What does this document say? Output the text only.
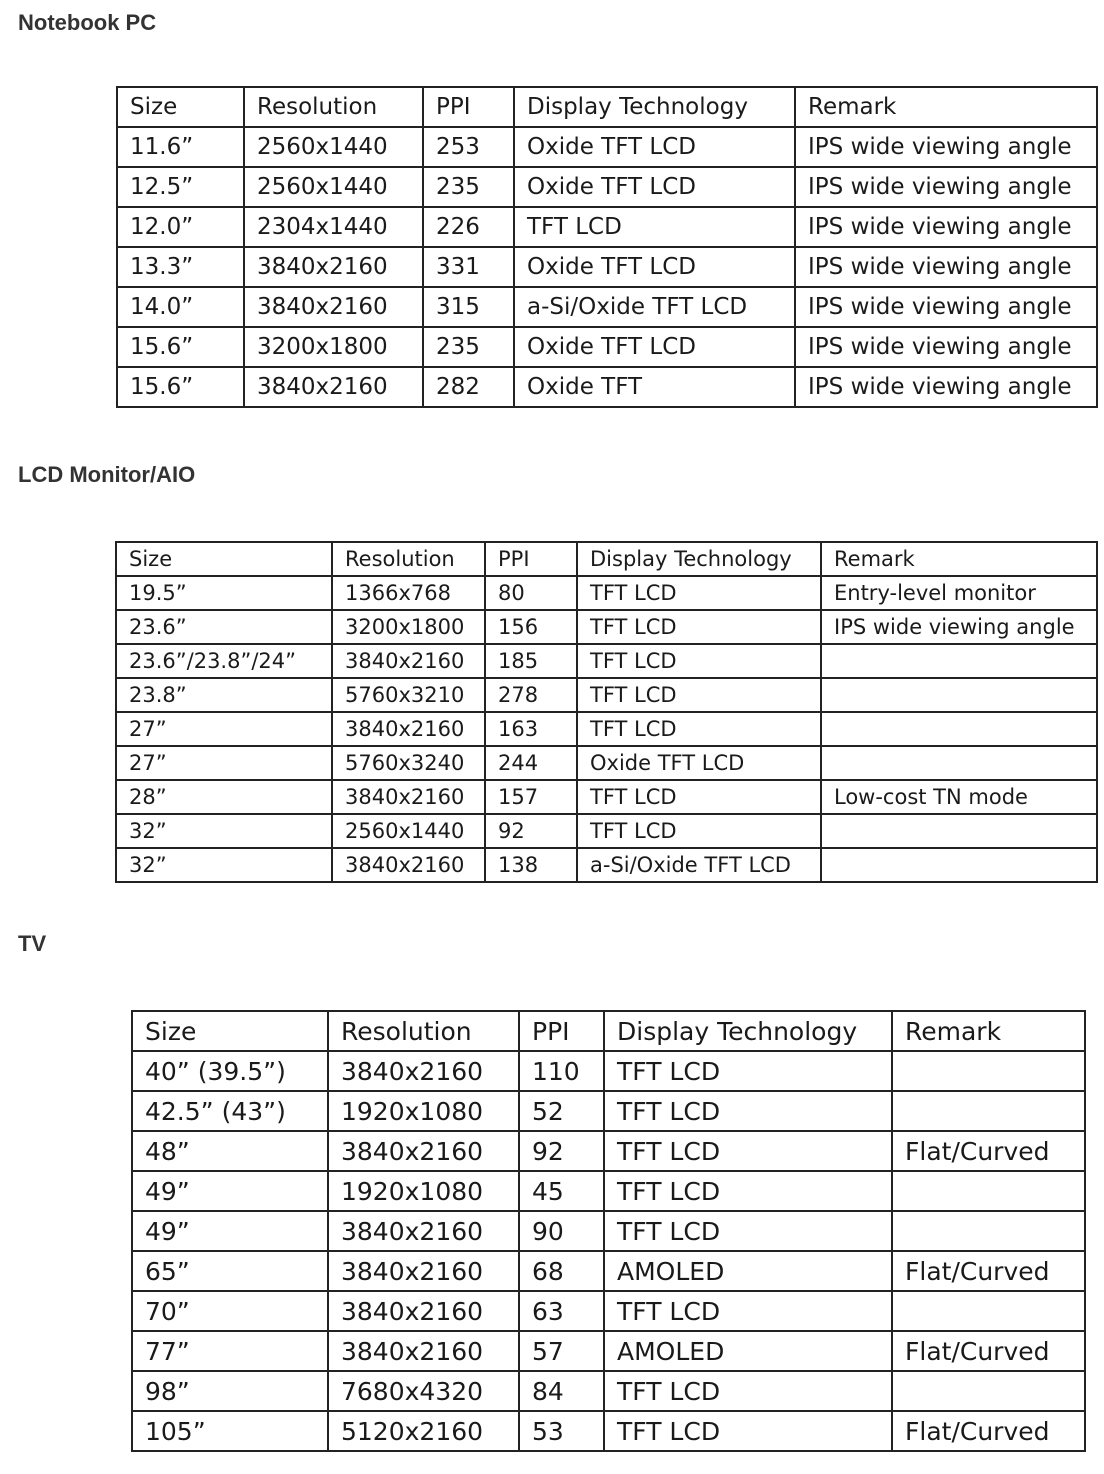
Notebook PC
Size	Resolution	PPI	Display Technology	Remark
11.6”	2560x1440	253	Oxide TFT LCD	IPS wide viewing angle
12.5”	2560x1440	235	Oxide TFT LCD	IPS wide viewing angle
12.0”	2304x1440	226	TFT LCD	IPS wide viewing angle
13.3”	3840x2160	331	Oxide TFT LCD	IPS wide viewing angle
14.0”	3840x2160	315	a-Si/Oxide TFT LCD	IPS wide viewing angle
15.6”	3200x1800	235	Oxide TFT LCD	IPS wide viewing angle
15.6”	3840x2160	282	Oxide TFT	IPS wide viewing angle
LCD Monitor/AIO
Size	Resolution	PPI	Display Technology	Remark
19.5”	1366x768	80	TFT LCD	Entry-level monitor
23.6”	3200x1800	156	TFT LCD	IPS wide viewing angle
23.6”/23.8”/24”	3840x2160	185	TFT LCD	
23.8”	5760x3210	278	TFT LCD	
27”	3840x2160	163	TFT LCD	
27”	5760x3240	244	Oxide TFT LCD	
28”	3840x2160	157	TFT LCD	Low-cost TN mode
32”	2560x1440	92	TFT LCD	
32”	3840x2160	138	a-Si/Oxide TFT LCD	
TV
Size	Resolution	PPI	Display Technology	Remark
40” (39.5”)	3840x2160	110	TFT LCD	
42.5” (43”)	1920x1080	52	TFT LCD	
48”	3840x2160	92	TFT LCD	Flat/Curved
49”	1920x1080	45	TFT LCD	
49”	3840x2160	90	TFT LCD	
65”	3840x2160	68	AMOLED	Flat/Curved
70”	3840x2160	63	TFT LCD	
77”	3840x2160	57	AMOLED	Flat/Curved
98”	7680x4320	84	TFT LCD	
105”	5120x2160	53	TFT LCD	Flat/Curved
